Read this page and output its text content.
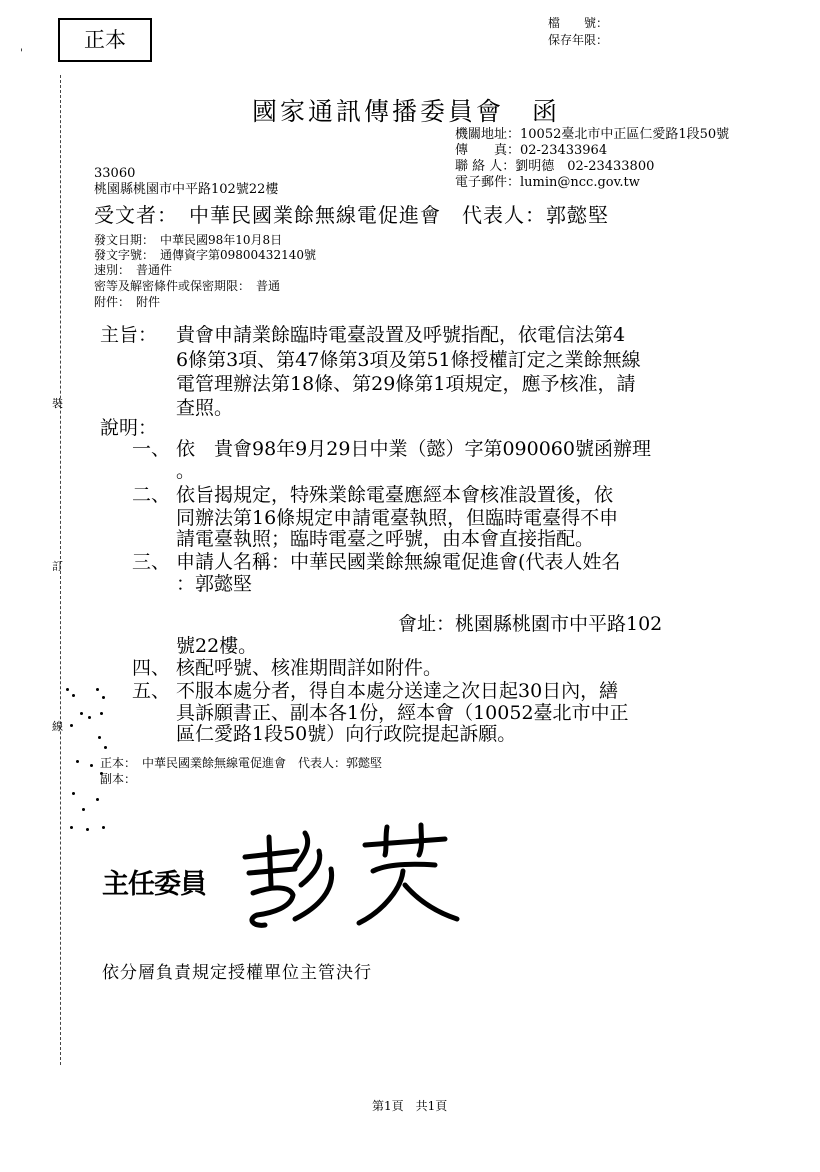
裝
訂
線
'
正本
檔　　號：
保存年限：
國家通訊傳播委員會　函
機關地址：10052臺北市中正區仁愛路1段50號
傳　　真：02-23433964
聯 絡 人：劉明德　02-23433800
電子郵件：lumin@ncc.gov.tw
33060
桃園縣桃園市中平路102號22樓
受文者：　中華民國業餘無線電促進會　代表人：郭懿堅
發文日期：　中華民國98年10月8日
發文字號：　通傳資字第09800432140號
速別：　普通件
密等及解密條件或保密期限：　普通
附件：　附件
主旨： 貴會申請業餘臨時電臺設置及呼號指配，依電信法第4
6條第3項、第47條第3項及第51條授權訂定之業餘無線
電管理辦法第18條、第29條第1項規定，應予核准，請
查照。
說明：
一、 依　貴會98年9月29日中業（懿）字第090060號函辦理
。
二、 依旨揭規定，特殊業餘電臺應經本會核准設置後，依
同辦法第16條規定申請電臺執照，但臨時電臺得不申
請電臺執照；臨時電臺之呼號，由本會直接指配。
三、 申請人名稱：中華民國業餘無線電促進會(代表人姓名
：郭懿堅
會址：桃園縣桃園市中平路102
號22樓。
四、 核配呼號、核准期間詳如附件。
五、 不服本處分者，得自本處分送達之次日起30日內，繕
具訴願書正、副本各1份，經本會（10052臺北市中正
區仁愛路1段50號）向行政院提起訴願。
正本：　中華民國業餘無線電促進會　代表人：郭懿堅
副本：
主任委員
依分層負責規定授權單位主管決行
第1頁　共1頁
